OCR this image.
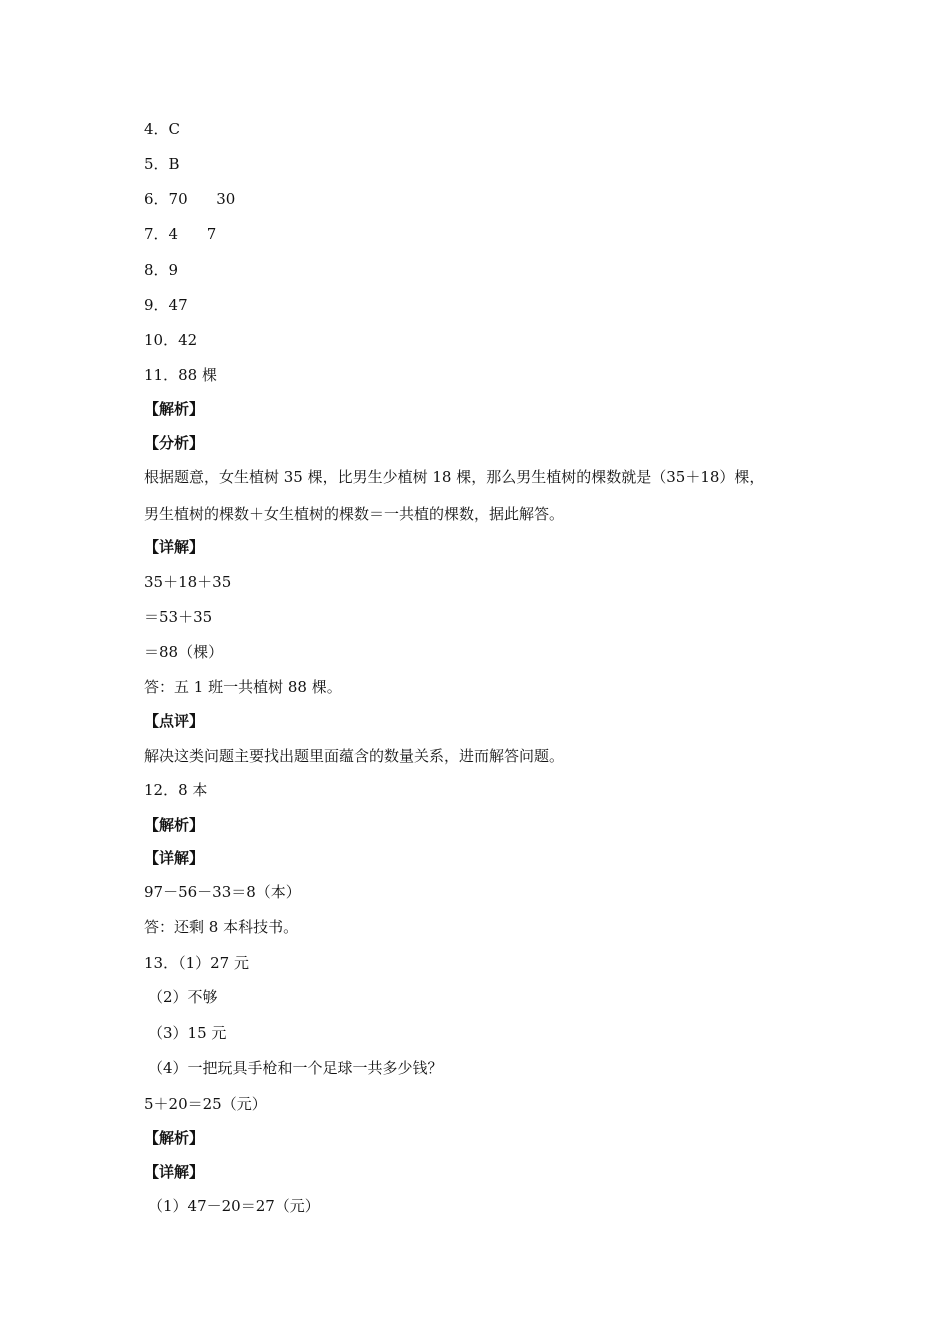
4．C
5．B
6．70      30
7．4      7
8．9
9．47
10．42
11．88 棵
【解析】
【分析】
根据题意，女生植树 35 棵，比男生少植树 18 棵，那么男生植树的棵数就是（35＋18）棵，
男生植树的棵数＋女生植树的棵数＝一共植的棵数，据此解答。
【详解】
35＋18＋35
＝53＋35
＝88（棵）
答：五 1 班一共植树 88 棵。
【点评】
解决这类问题主要找出题里面蕴含的数量关系，进而解答问题。
12．8 本
【解析】
【详解】
97－56－33＝8（本）
答：还剩 8 本科技书。
13．（1）27 元
（2）不够
（3）15 元
（4）一把玩具手枪和一个足球一共多少钱？
5＋20＝25（元）
【解析】
【详解】
（1）47－20＝27（元）
